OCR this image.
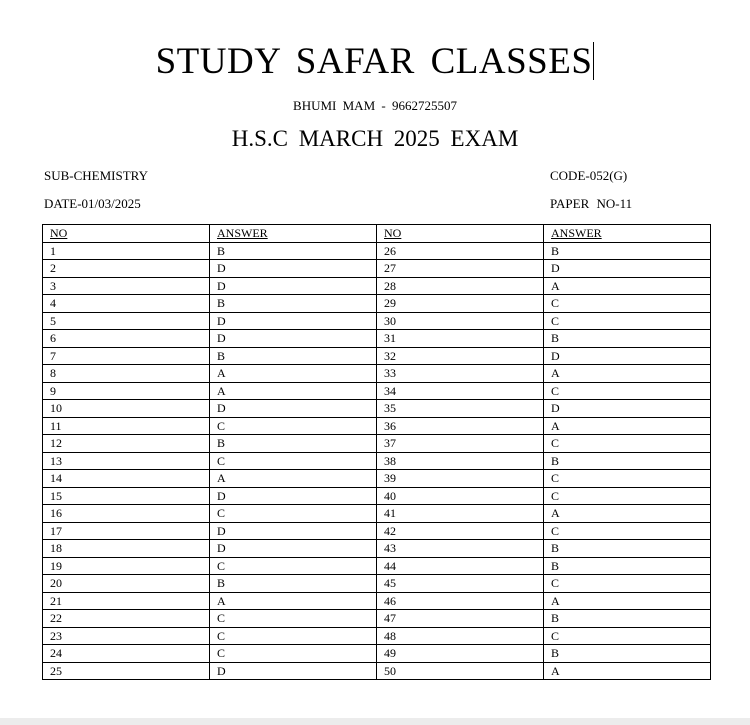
STUDY SAFAR CLASSES
BHUMI MAM - 9662725507
H.S.C MARCH 2025 EXAM
SUB-CHEMISTRY	CODE-052(G)
DATE-01/03/2025	PAPER NO-11
NO	ANSWER	NO	ANSWER
1	B	26	B
2	D	27	D
3	D	28	A
4	B	29	C
5	D	30	C
6	D	31	B
7	B	32	D
8	A	33	A
9	A	34	C
10	D	35	D
11	C	36	A
12	B	37	C
13	C	38	B
14	A	39	C
15	D	40	C
16	C	41	A
17	D	42	C
18	D	43	B
19	C	44	B
20	B	45	C
21	A	46	A
22	C	47	B
23	C	48	C
24	C	49	B
25	D	50	A
